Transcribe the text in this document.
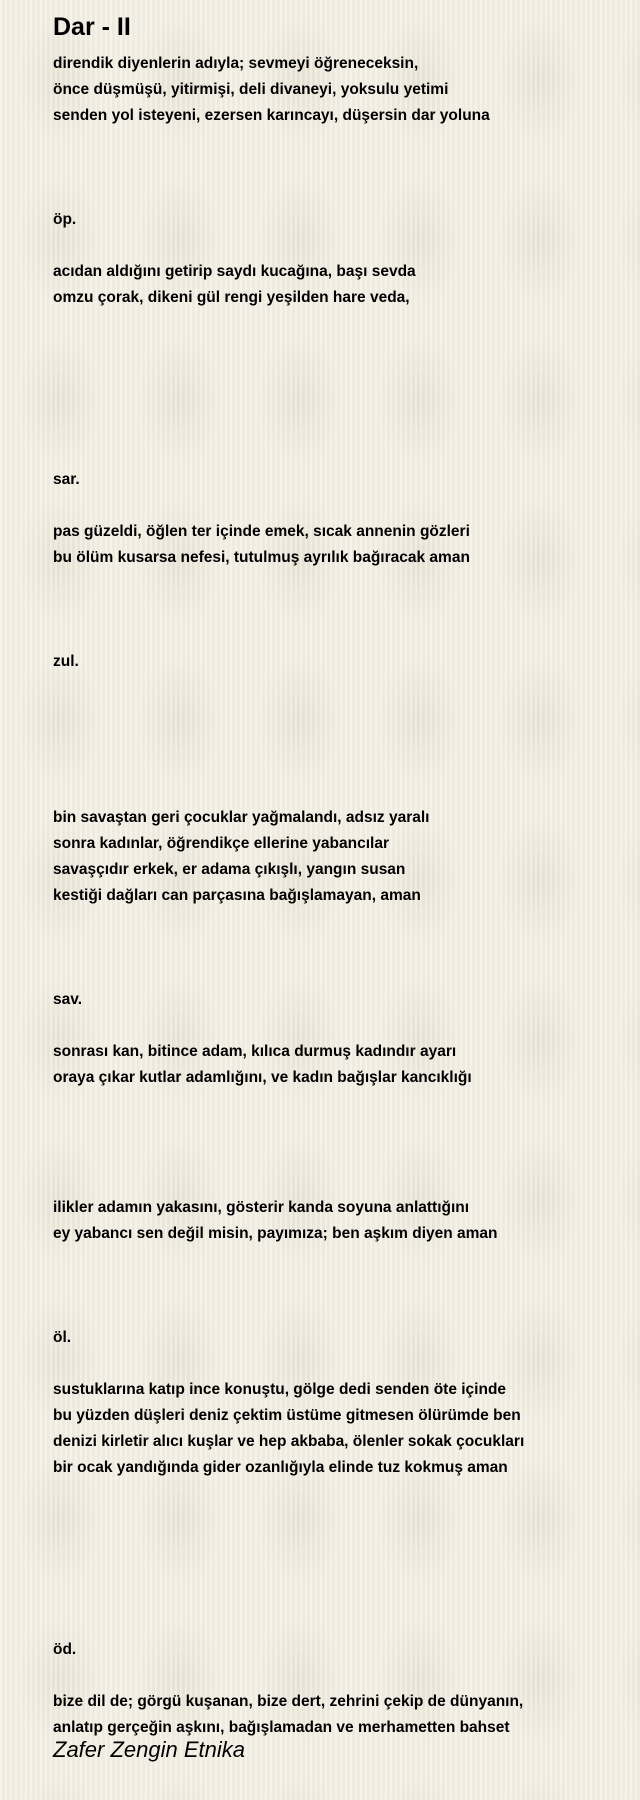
Dar - II

direndik diyenlerin adıyla; sevmeyi öğreneceksin,
önce düşmüşü, yitirmişi, deli divaneyi, yoksulu yetimi
senden yol isteyeni, ezersen karıncayı, düşersin dar yoluna

öp.

acıdan aldığını getirip saydı kucağına, başı sevda
omzu çorak, dikeni gül rengi yeşilden hare veda,

sar.

pas güzeldi, öğlen ter içinde emek, sıcak annenin gözleri
bu ölüm kusarsa nefesi, tutulmuş ayrılık bağıracak aman

zul.

bin savaştan geri çocuklar yağmalandı, adsız yaralı
sonra kadınlar, öğrendikçe ellerine yabancılar
savaşçıdır erkek, er adama çıkışlı, yangın susan
kestiği dağları can parçasına bağışlamayan, aman

sav.

sonrası kan, bitince adam, kılıca durmuş kadındır ayarı
oraya çıkar kutlar adamlığını, ve kadın bağışlar kancıklığı

ilikler adamın yakasını, gösterir kanda soyuna anlattığını
ey yabancı sen değil misin, payımıza; ben aşkım diyen aman

öl.

sustuklarına katıp ince konuştu, gölge dedi senden öte içinde
bu yüzden düşleri deniz çektim üstüme gitmesen ölürümde ben
denizi kirletir alıcı kuşlar ve hep akbaba, ölenler sokak çocukları
bir ocak yandığında gider ozanlığıyla elinde tuz kokmuş aman

öd.

bize dil de; görgü kuşanan, bize dert, zehrini çekip de dünyanın,
anlatıp gerçeğin aşkını, bağışlamadan ve merhametten bahset

Zafer Zengin Etnika
